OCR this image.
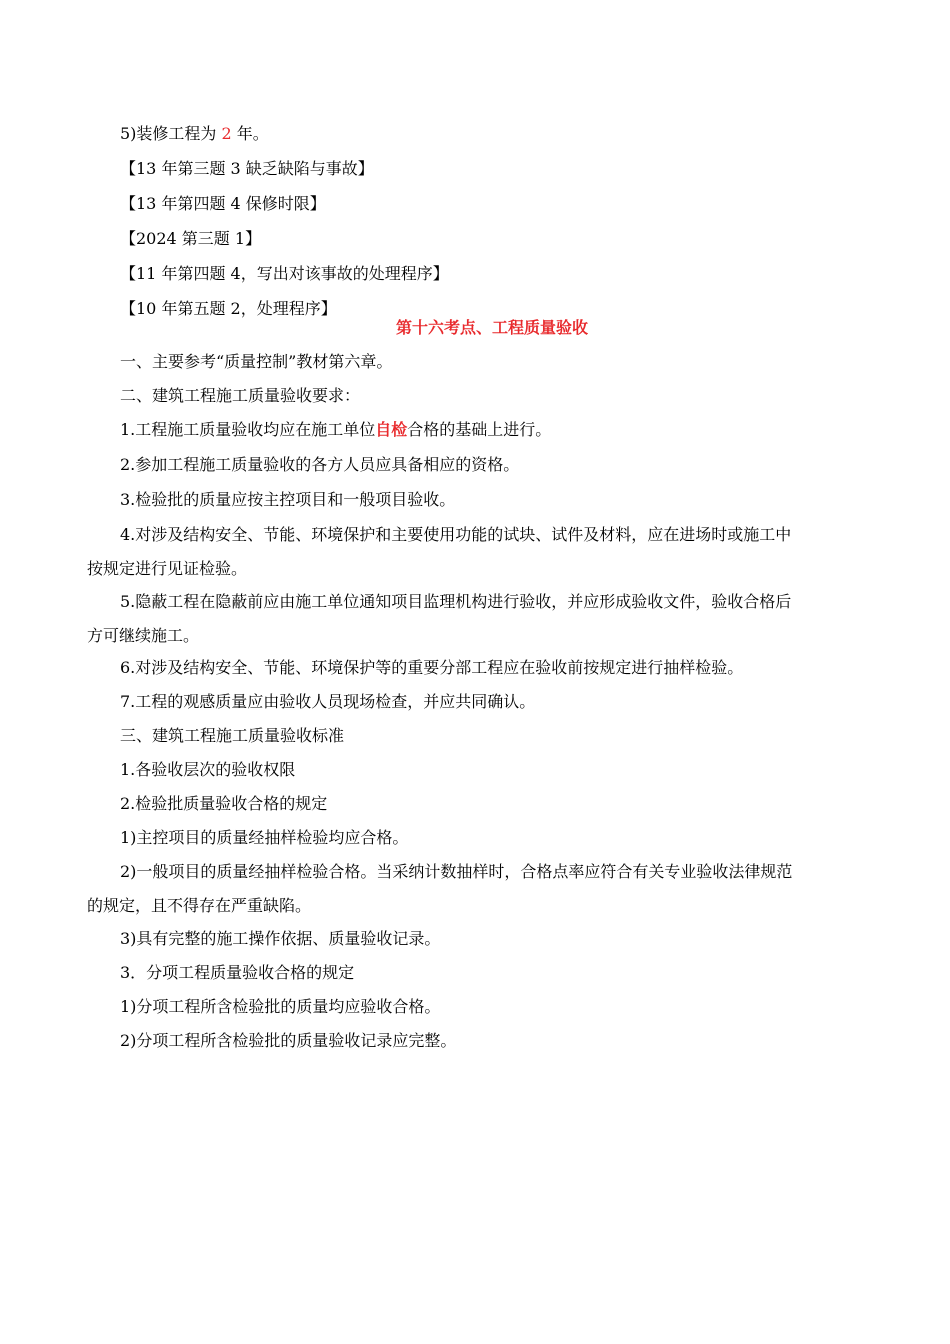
5)装修工程为 2 年。
【13 年第三题 3 缺乏缺陷与事故】
【13 年第四题 4 保修时限】
【2024 第三题 1】
【11 年第四题 4，写出对该事故的处理程序】
【10 年第五题 2，处理程序】
第十六考点、工程质量验收
一、主要参考“质量控制”教材第六章。
二、建筑工程施工质量验收要求：
1.工程施工质量验收均应在施工单位自检合格的基础上进行。
2.参加工程施工质量验收的各方人员应具备相应的资格。
3.检验批的质量应按主控项目和一般项目验收。
4.对涉及结构安全、节能、环境保护和主要使用功能的试块、试件及材料，应在进场时或施工中
按规定进行见证检验。
5.隐蔽工程在隐蔽前应由施工单位通知项目监理机构进行验收，并应形成验收文件，验收合格后
方可继续施工。
6.对涉及结构安全、节能、环境保护等的重要分部工程应在验收前按规定进行抽样检验。
7.工程的观感质量应由验收人员现场检查，并应共同确认。
三、建筑工程施工质量验收标准
1.各验收层次的验收权限
2.检验批质量验收合格的规定
1)主控项目的质量经抽样检验均应合格。
2)一般项目的质量经抽样检验合格。当采纳计数抽样时，合格点率应符合有关专业验收法律规范
的规定，且不得存在严重缺陷。
3)具有完整的施工操作依据、质量验收记录。
3．分项工程质量验收合格的规定
1)分项工程所含检验批的质量均应验收合格。
2)分项工程所含检验批的质量验收记录应完整。
